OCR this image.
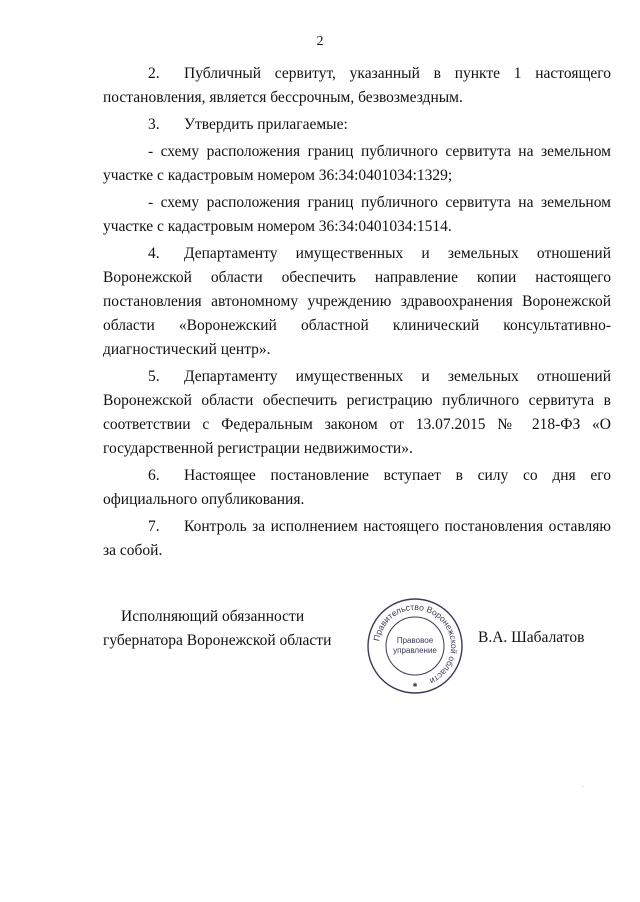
2

2. Публичный сервитут, указанный в пункте 1 настоящего постановления, является бессрочным, безвозмездным.

3. Утвердить прилагаемые:

- схему расположения границ публичного сервитута на земельном участке с кадастровым номером 36:34:0401034:1329;

- схему расположения границ публичного сервитута на земельном участке с кадастровым номером 36:34:0401034:1514.

4. Департаменту имущественных и земельных отношений Воронежской области обеспечить направление копии настоящего постановления автономному учреждению здравоохранения Воронежской области «Воронежский областной клинический консультативно-диагностический центр».

5. Департаменту имущественных и земельных отношений Воронежской области обеспечить регистрацию публичного сервитута в соответствии с Федеральным законом от 13.07.2015 № 218-ФЗ «О государственной регистрации недвижимости».

6. Настоящее постановление вступает в силу со дня его официального опубликования.

7. Контроль за исполнением настоящего постановления оставляю за собой.

Исполняющий обязанности
губернатора Воронежской области	Правительство Воронежской области
Правовое
управление
✱
В.А. Шабалатов
